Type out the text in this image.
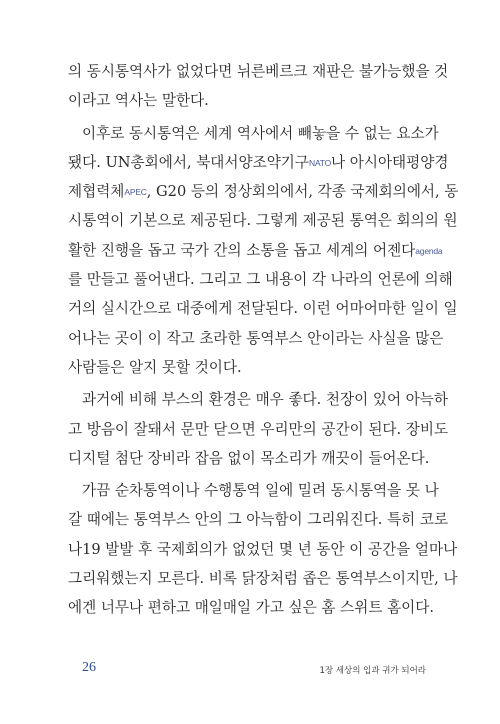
의 동시통역사가 없었다면 뉘른베르크 재판은 불가능했을 것
이라고 역사는 말한다.
이후로 동시통역은 세계 역사에서 빼놓을 수 없는 요소가
됐다. UN총회에서, 북대서양조약기구NATO나 아시아태평양경
제협력체APEC, G20 등의 정상회의에서, 각종 국제회의에서, 동
시통역이 기본으로 제공된다. 그렇게 제공된 통역은 회의의 원
활한 진행을 돕고 국가 간의 소통을 돕고 세계의 어젠다agenda
를 만들고 풀어낸다. 그리고 그 내용이 각 나라의 언론에 의해
거의 실시간으로 대중에게 전달된다. 이런 어마어마한 일이 일
어나는 곳이 이 작고 초라한 통역부스 안이라는 사실을 많은
사람들은 알지 못할 것이다.
과거에 비해 부스의 환경은 매우 좋다. 천장이 있어 아늑하
고 방음이 잘돼서 문만 닫으면 우리만의 공간이 된다. 장비도
디지털 첨단 장비라 잡음 없이 목소리가 깨끗이 들어온다.
가끔 순차통역이나 수행통역 일에 밀려 동시통역을 못 나
갈 때에는 통역부스 안의 그 아늑함이 그리워진다. 특히 코로
나19 발발 후 국제회의가 없었던 몇 년 동안 이 공간을 얼마나
그리워했는지 모른다. 비록 닭장처럼 좁은 통역부스이지만, 나
에겐 너무나 편하고 매일매일 가고 싶은 홈 스위트 홈이다.
26	1장 세상의 입과 귀가 되어라
